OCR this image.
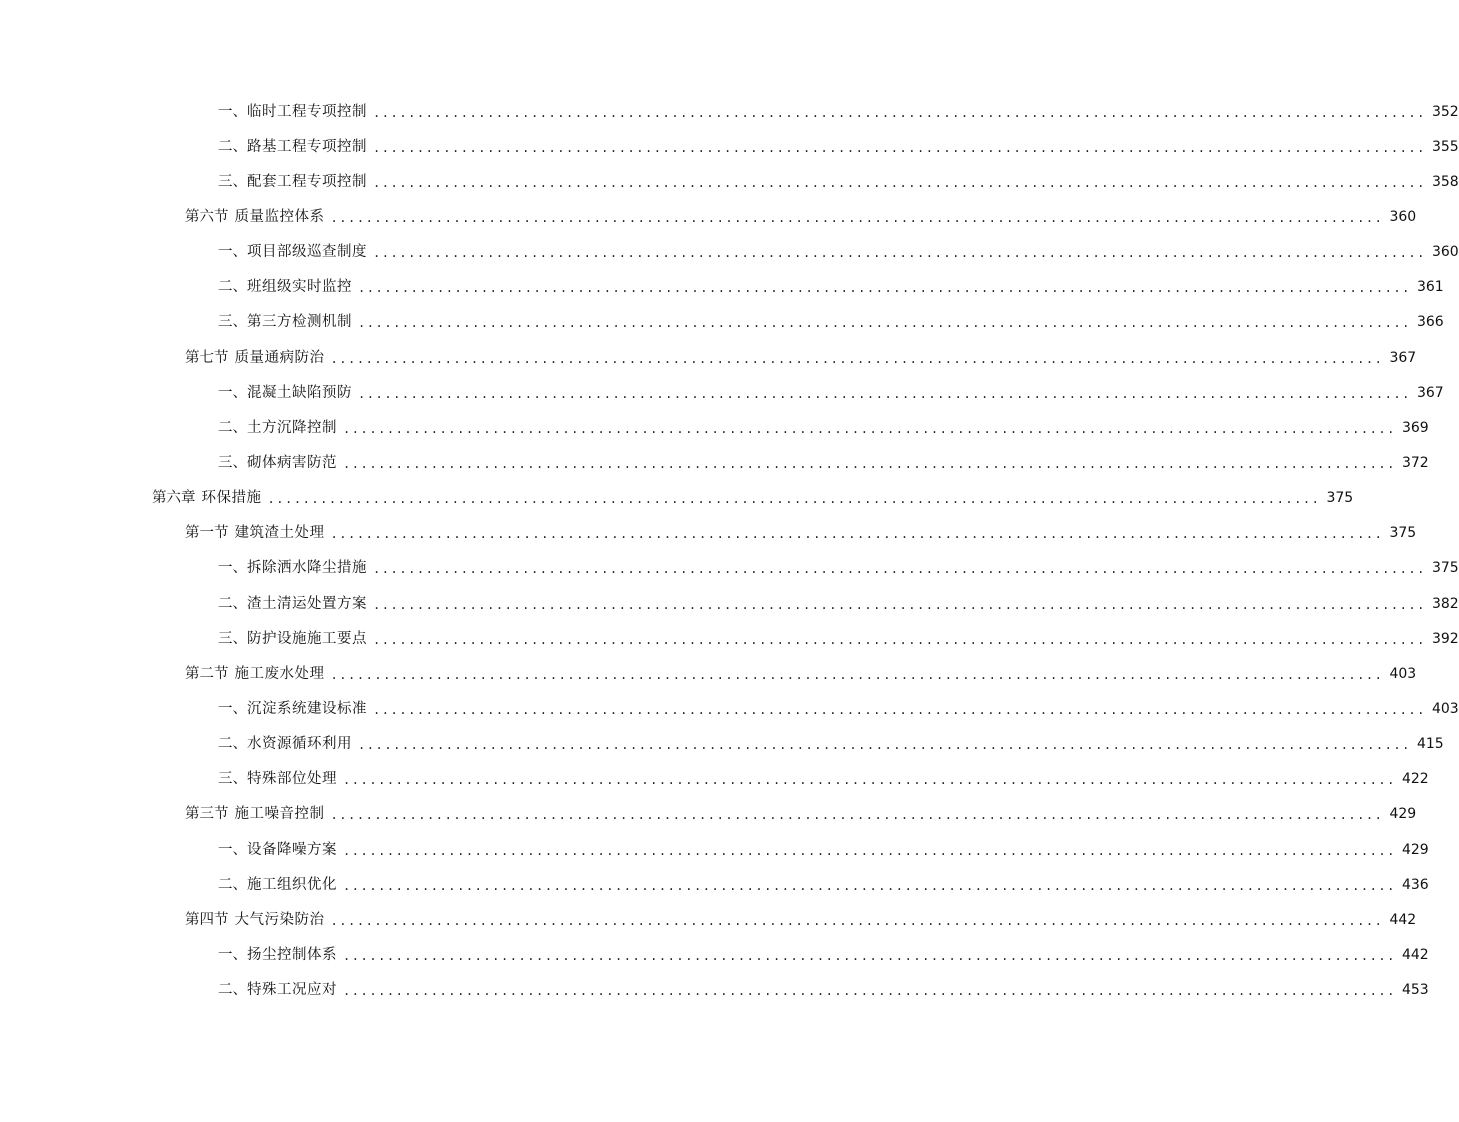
一、 临时工程专项控制 ........................................................................................................................ 352
二、 路基工程专项控制 ........................................................................................................................ 355
三、 配套工程专项控制 ........................................................................................................................ 358
第六节 质量监控体系 ........................................................................................................................ 360
一、 项目部级巡查制度 ........................................................................................................................ 360
二、 班组级实时监控 ........................................................................................................................ 361
三、 第三方检测机制 ........................................................................................................................ 366
第七节 质量通病防治 ........................................................................................................................ 367
一、 混凝土缺陷预防 ........................................................................................................................ 367
二、 土方沉降控制 ........................................................................................................................ 369
三、 砌体病害防范 ........................................................................................................................ 372
第六章 环保措施 ........................................................................................................................ 375
第一节 建筑渣土处理 ........................................................................................................................ 375
一、 拆除洒水降尘措施 ........................................................................................................................ 375
二、 渣土清运处置方案 ........................................................................................................................ 382
三、 防护设施施工要点 ........................................................................................................................ 392
第二节 施工废水处理 ........................................................................................................................ 403
一、 沉淀系统建设标准 ........................................................................................................................ 403
二、 水资源循环利用 ........................................................................................................................ 415
三、 特殊部位处理 ........................................................................................................................ 422
第三节 施工噪音控制 ........................................................................................................................ 429
一、 设备降噪方案 ........................................................................................................................ 429
二、 施工组织优化 ........................................................................................................................ 436
第四节 大气污染防治 ........................................................................................................................ 442
一、 扬尘控制体系 ........................................................................................................................ 442
二、 特殊工况应对 ........................................................................................................................ 453
